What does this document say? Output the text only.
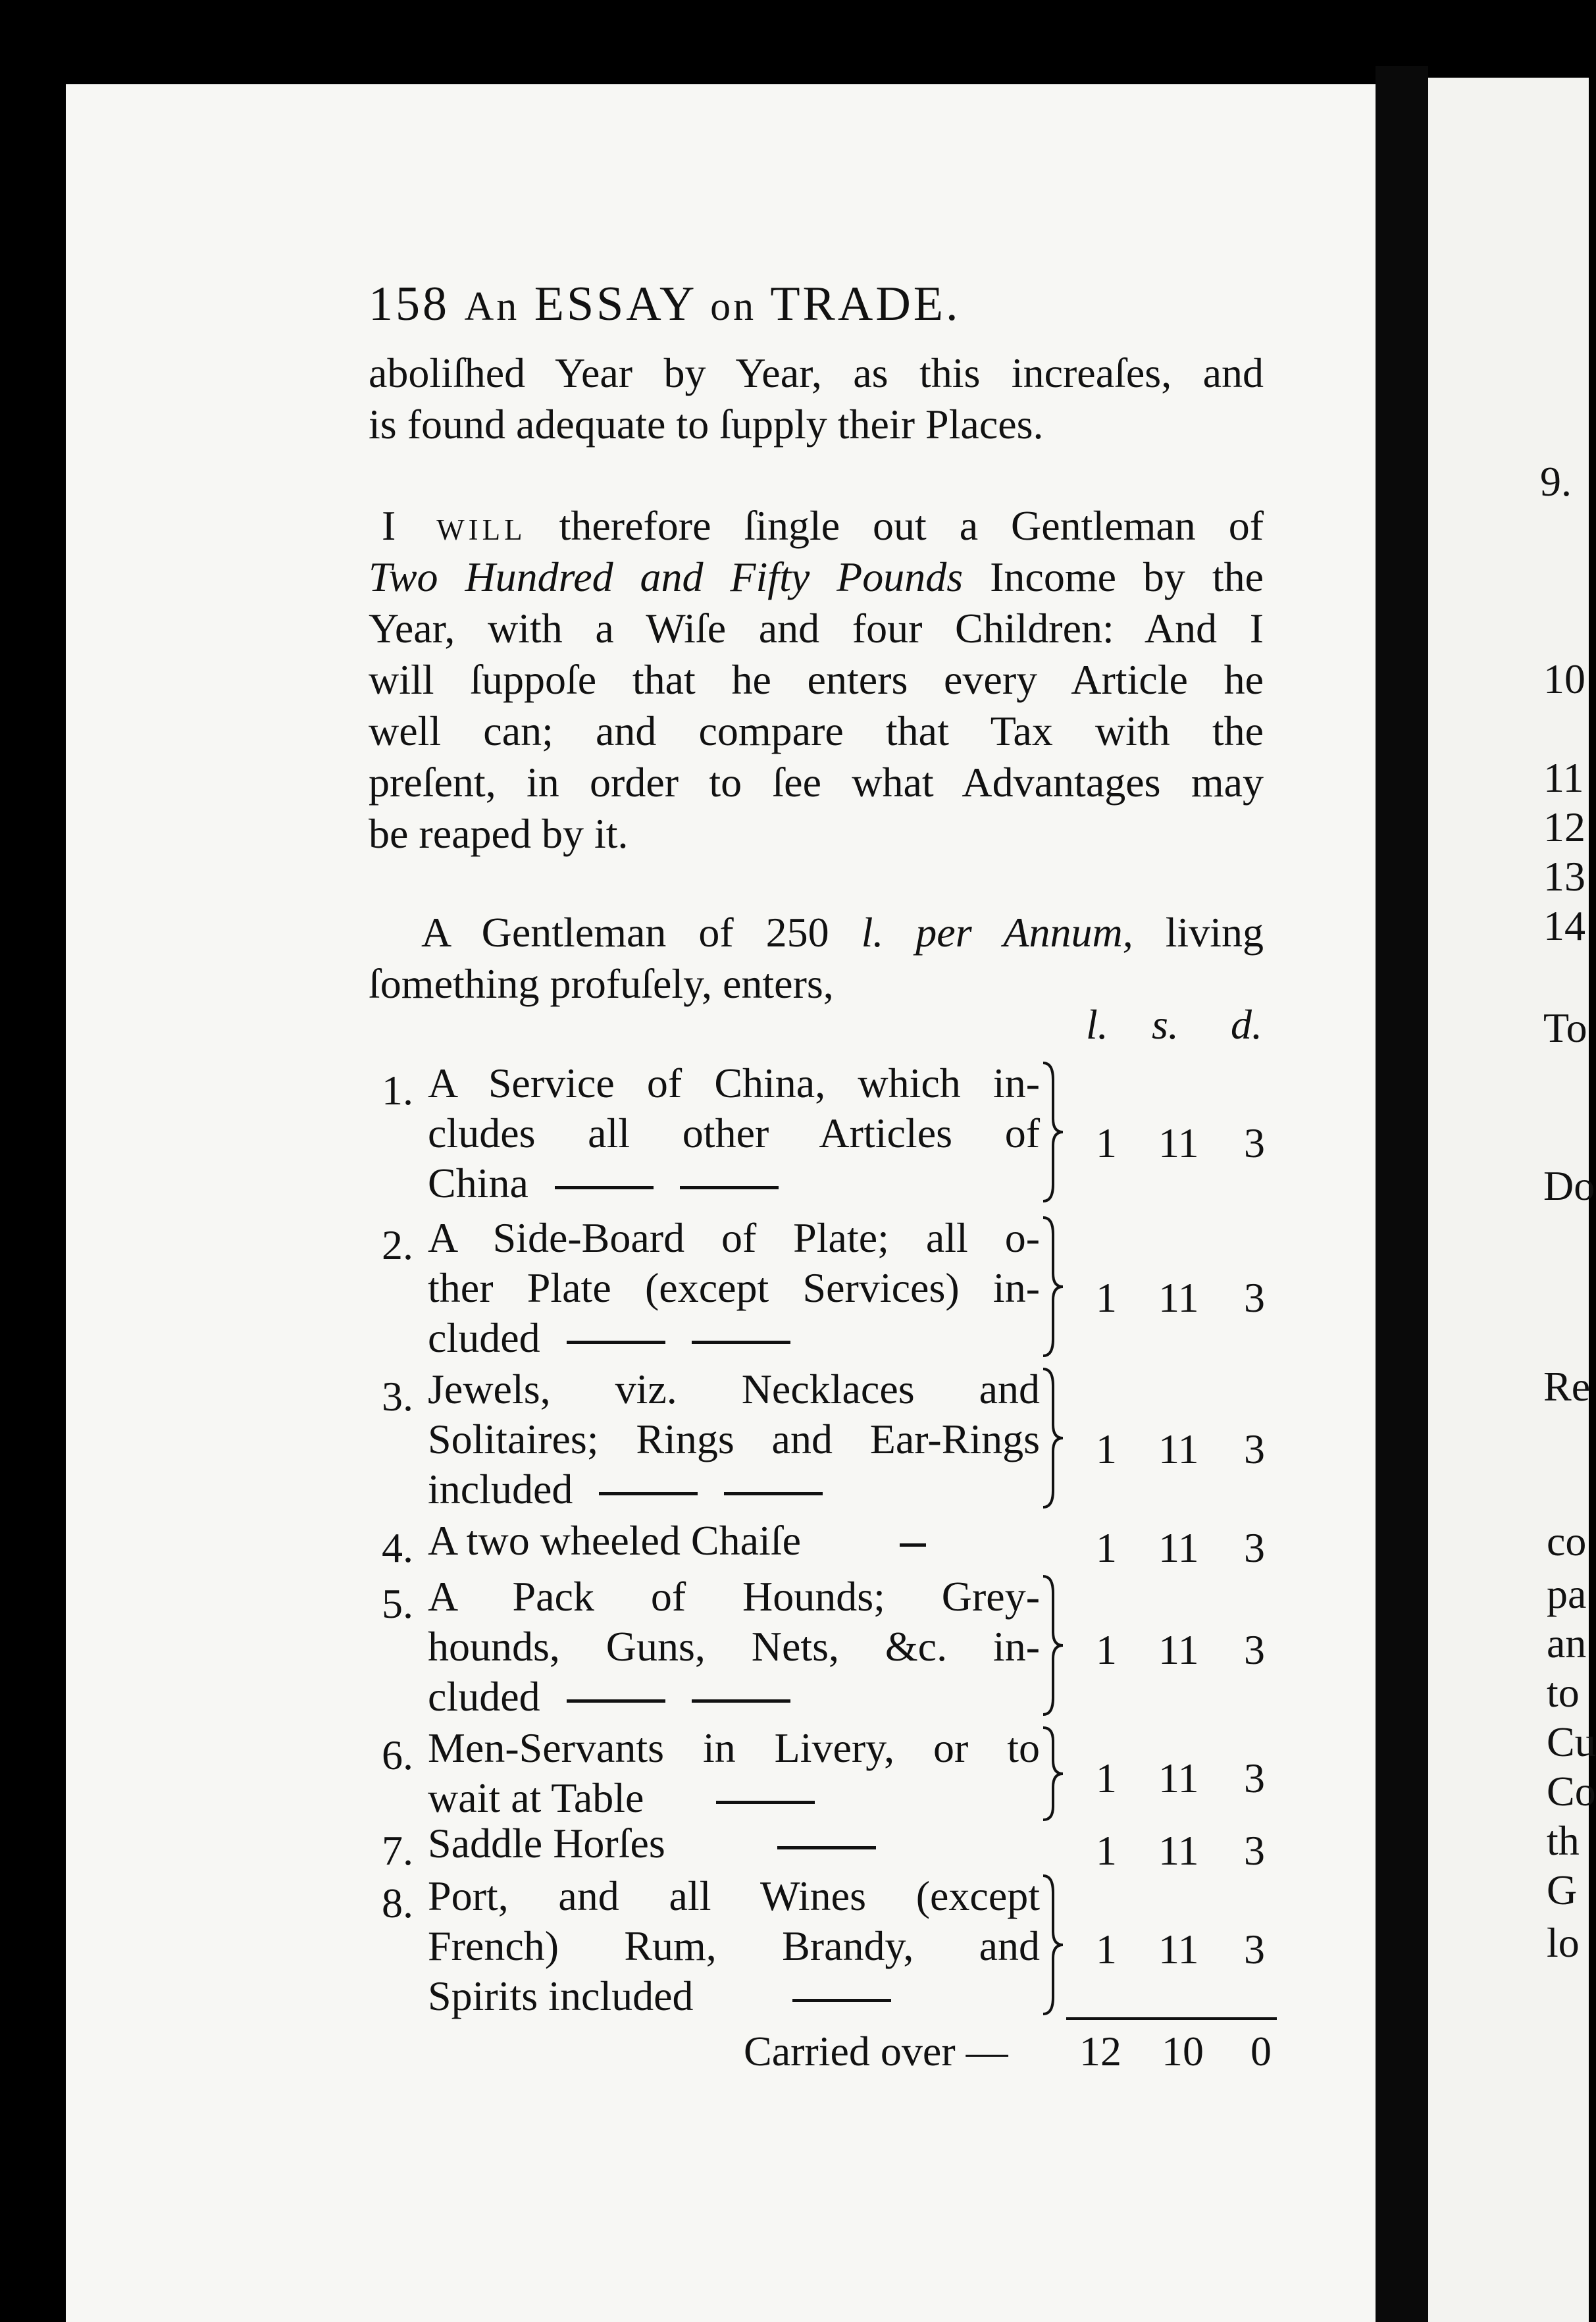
9.
10
11
12
13
14
To
Do
Re
co
pa
an
to
Cu
Co
th
G
lo
158 An ESSAY on TRADE.
aboliſhed Year by Year, as this increaſes, and
is found adequate to ſupply their Places.
I will therefore ſingle out a Gentleman of
Two Hundred and Fifty Pounds Income by the
Year, with a Wiſe and four Children: And I
will ſuppoſe that he enters every Article he
well can; and compare that Tax with the
preſent, in order to ſee what Advantages may
be reaped by it.
A Gentleman of 250 l. per Annum, living
ſomething profuſely, enters,
l. s. d.
1. A Service of China, which in-
cludes all other Articles of
China
1 11 3
2. A Side-Board of Plate; all o-
ther Plate (except Services) in-
cluded
1 11 3
3. Jewels, viz. Necklaces and
Solitaires; Rings and Ear-Rings
included
1 11 3
4. A two wheeled Chaiſe	1 11 3
5. A Pack of Hounds; Grey-
hounds, Guns, Nets, &c. in-
cluded
1 11 3
6. Men-Servants in Livery, or to
wait at Table	1 11 3
7. Saddle Horſes	1 11 3
8. Port, and all Wines (except
French) Rum, Brandy, and
Spirits included
1 11 3
Carried over — 12 10 0
